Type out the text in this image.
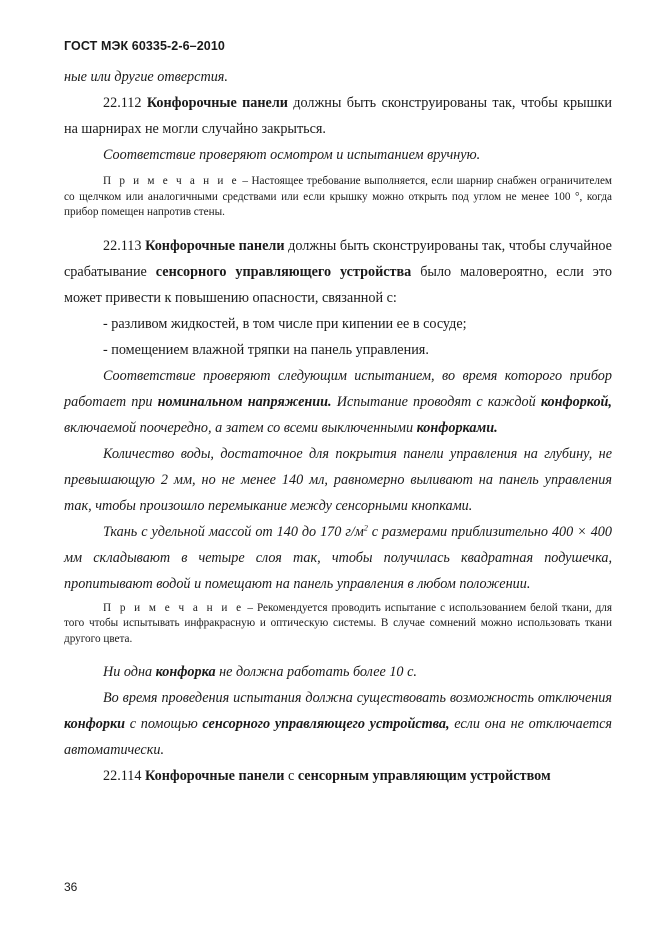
ГОСТ МЭК 60335-2-6–2010

ные или другие отверстия.

22.112 Конфорочные панели должны быть сконструированы так, чтобы крышки на шарнирах не могли случайно закрыться.

Соответствие проверяют осмотром и испытанием вручную.

П р и м е ч а н и е – Настоящее требование выполняется, если шарнир снабжен ограничителем со щелчком или аналогичными средствами или если крышку можно открыть под углом не менее 100 °, когда прибор помещен напротив стены.

22.113 Конфорочные панели должны быть сконструированы так, чтобы случайное срабатывание сенсорного управляющего устройства было маловероятно, если это может привести к повышению опасности, связанной с:

- разливом жидкостей, в том числе при кипении ее в сосуде;

- помещением влажной тряпки на панель управления.

Соответствие проверяют следующим испытанием, во время которого прибор работает при номинальном напряжении. Испытание проводят с каждой конфоркой, включаемой поочередно, а затем со всеми выключенными конфорками.

Количество воды, достаточное для покрытия панели управления на глубину, не превышающую 2 мм, но не менее 140 мл, равномерно выливают на панель управления так, чтобы произошло перемыкание между сенсорными кнопками.

Ткань с удельной массой от 140 до 170 $г/м^2$ с размерами приблизительно 400 × 400 мм складывают в четыре слоя так, чтобы получилась квадратная подушечка, пропитывают водой и помещают на панель управления в любом положении.

П р и м е ч а н и е – Рекомендуется проводить испытание с использованием белой ткани, для того чтобы испытывать инфракрасную и оптическую системы. В случае сомнений можно использовать ткани другого цвета.

Ни одна конфорка не должна работать более 10 с.

Во время проведения испытания должна существовать возможность отключения конфорки с помощью сенсорного управляющего устройства, если она не отключается автоматически.

22.114 Конфорочные панели с сенсорным управляющим устройством

36
